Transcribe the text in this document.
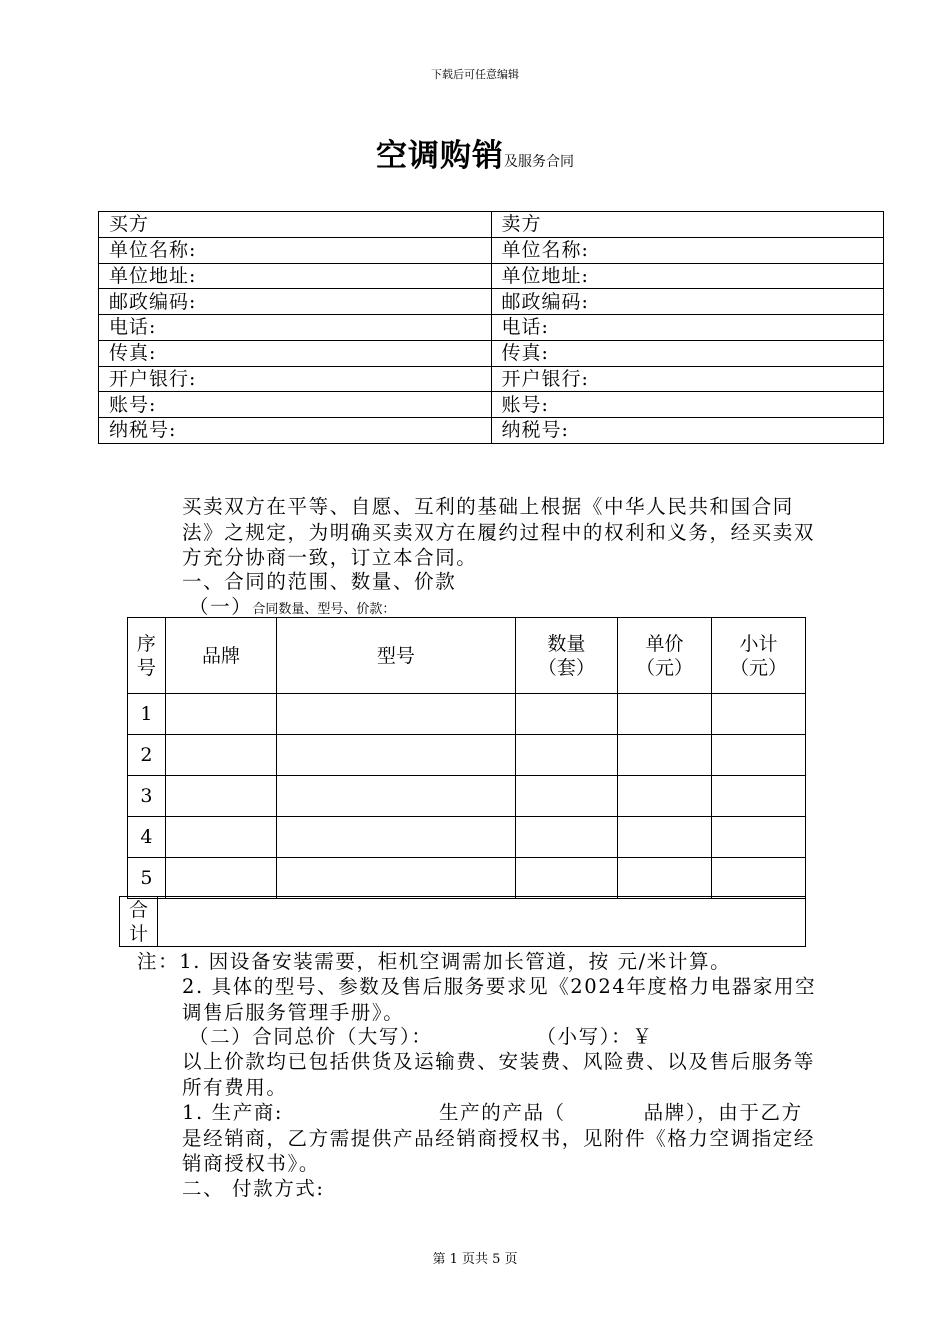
下载后可任意编辑
空调购销及服务合同
买方	卖方
单位名称:	单位名称:
单位地址:	单位地址:
邮政编码:	邮政编码:
电话:	电话:
传真:	传真:
开户银行:	开户银行:
账号:	账号:
纳税号:	纳税号:
买卖双方在平等、自愿、互利的基础上根据《中华人民共和国合同法》之规定，为明确买卖双方在履约过程中的权利和义务，经买卖双方充分协商一致，订立本合同。
一、合同的范围、数量、价款
（一）合同数量、型号、价款：
序号	品牌	型号	数量（套）	单价（元）	小计（元）
1					
2					
3					
4					
5					
合计	
注：1. 因设备安装需要，柜机空调需加长管道，按 元/米计算。
2. 具体的型号、参数及售后服务要求见《2024年度格力电器家用空调售后服务管理手册》。
（二）合同总价（大写）：	（小写）：￥
以上价款均已包括供货及运输费、安装费、风险费、以及售后服务等所有费用。
1. 生产商:                    生产的产品（          品牌），由于乙方是经销商，乙方需提供产品经销商授权书，见附件《格力空调指定经销商授权书》。
二、 付款方式:
第 1 页共 5 页
